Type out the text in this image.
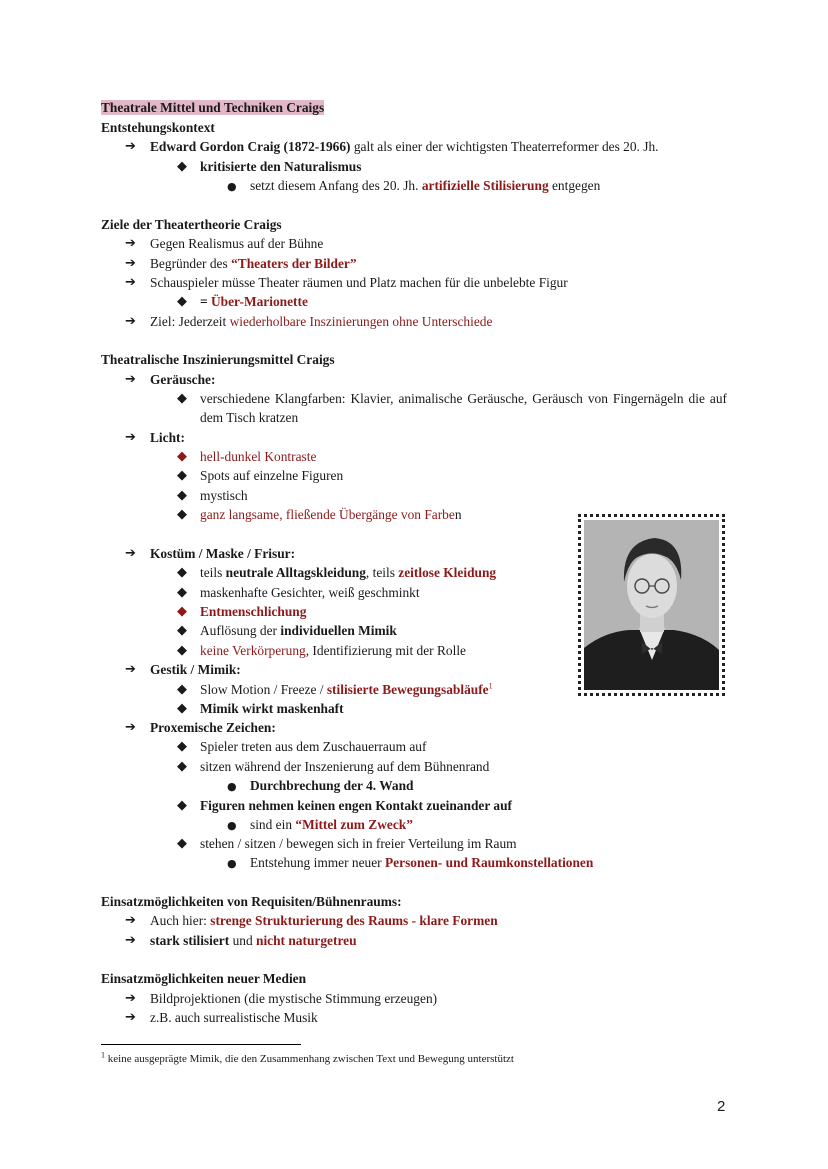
Theatrale Mittel und Techniken Craigs
Entstehungskontext
➔ Edward Gordon Craig (1872-1966) galt als einer der wichtigsten Theaterreformer des 20. Jh.
◆ kritisierte den Naturalismus
● setzt diesem Anfang des 20. Jh. artifizielle Stilisierung entgegen
Ziele der Theatertheorie Craigs
➔ Gegen Realismus auf der Bühne
➔ Begründer des “Theaters der Bilder”
➔ Schauspieler müsse Theater räumen und Platz machen für die unbelebte Figur
◆ = Über-Marionette
➔ Ziel: Jederzeit wiederholbare Inszinierungen ohne Unterschiede
Theatralische Inszinierungsmittel Craigs
➔ Geräusche:
◆ verschiedene Klangfarben: Klavier, animalische Geräusche, Geräusch von Fingernägeln die auf dem Tisch kratzen
➔ Licht:
◆ hell-dunkel Kontraste
◆ Spots auf einzelne Figuren
◆ mystisch
◆ ganz langsame, fließende Übergänge von Farben
➔ Kostüm / Maske / Frisur:
◆ teils neutrale Alltagskleidung, teils zeitlose Kleidung
◆ maskenhafte Gesichter, weiß geschminkt
◆ Entmenschlichung
◆ Auflösung der individuellen Mimik
◆ keine Verkörperung, Identifizierung mit der Rolle
➔ Gestik / Mimik:
◆ Slow Motion / Freeze / stilisierte Bewegungsabläufe$^1$
◆ Mimik wirkt maskenhaft
➔ Proxemische Zeichen:
◆ Spieler treten aus dem Zuschauerraum auf
◆ sitzen während der Inszenierung auf dem Bühnenrand
● Durchbrechung der 4. Wand
◆ Figuren nehmen keinen engen Kontakt zueinander auf
● sind ein “Mittel zum Zweck”
◆ stehen / sitzen / bewegen sich in freier Verteilung im Raum
● Entstehung immer neuer Personen- und Raumkonstellationen
Einsatzmöglichkeiten von Requisiten/Bühnenraums:
➔ Auch hier: strenge Strukturierung des Raums - klare Formen
➔ stark stilisiert und nicht naturgetreu
Einsatzmöglichkeiten neuer Medien
➔ Bildprojektionen (die mystische Stimmung erzeugen)
➔ z.B. auch surrealistische Musik
$^1$ keine ausgeprägte Mimik, die den Zusammenhang zwischen Text und Bewegung unterstützt
2
